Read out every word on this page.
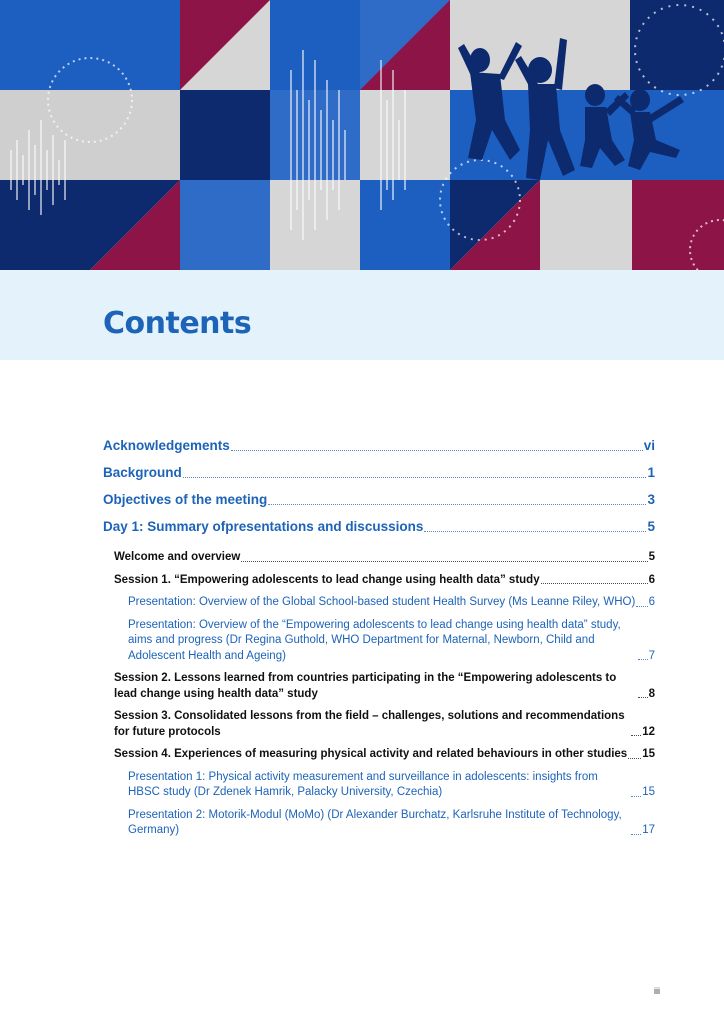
Contents
Acknowledgements	vi
Background	1
Objectives of the meeting	3
Day 1: Summary ofpresentations and discussions	5
Welcome and overview	5
Session 1. “Empowering adolescents to lead change using health data” study	6
Presentation: Overview of the Global School-based student Health Survey (Ms Leanne Riley, WHO) 6
Presentation: Overview of the “Empowering adolescents to lead change using health data” study, aims and progress (Dr Regina Guthold, WHO Department for Maternal, Newborn, Child and Adolescent Health and Ageing)	7
Session 2. Lessons learned from countries participating in the “Empowering adolescents to lead change using health data” study	8
Session 3. Consolidated lessons from the field – challenges, solutions and recommendations for future protocols	12
Session 4. Experiences of measuring physical activity and related behaviours in other studies 15
Presentation 1: Physical activity measurement and surveillance in adolescents: insights from HBSC study (Dr Zdenek Hamrik, Palacky University, Czechia)	15
Presentation 2: Motorik-Modul (MoMo) (Dr Alexander Burchatz, Karlsruhe Institute of Technology, Germany)	17
iii
